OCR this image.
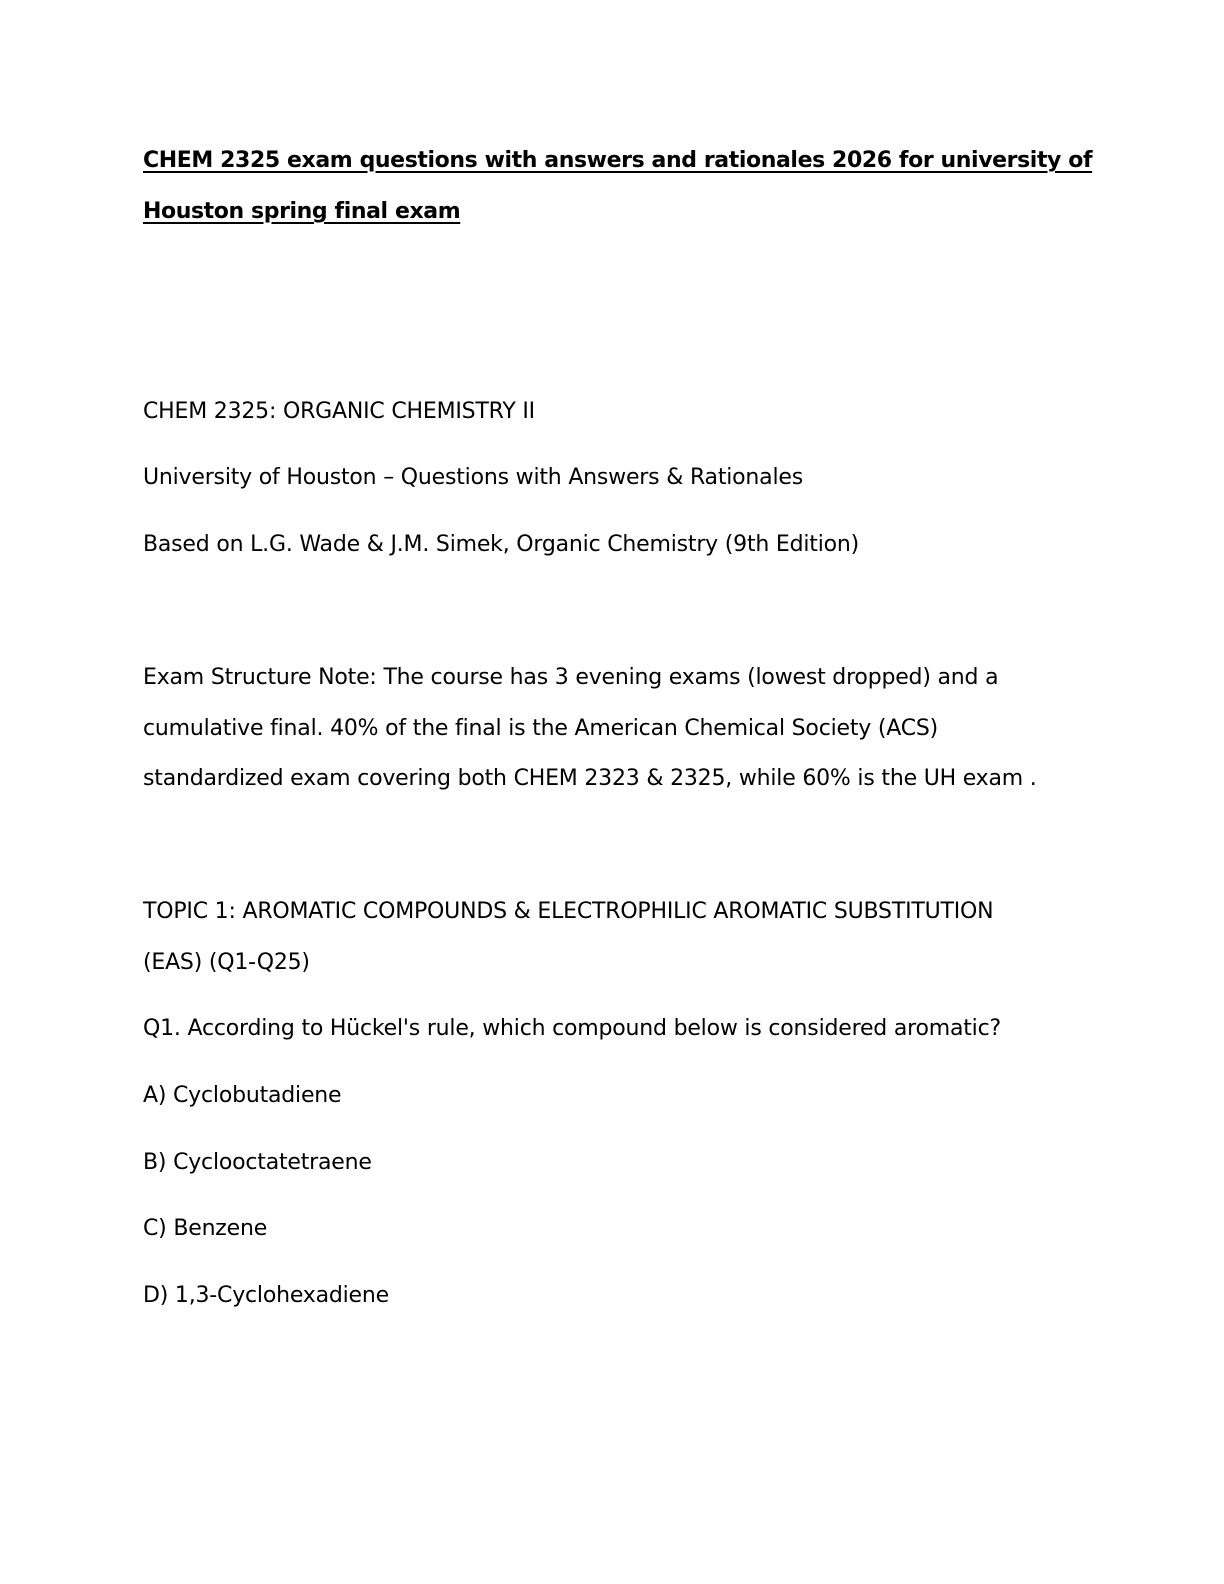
CHEM 2325 exam questions with answers and rationales 2026 for university of
Houston spring final exam
CHEM 2325: ORGANIC CHEMISTRY II
University of Houston – Questions with Answers & Rationales
Based on L.G. Wade & J.M. Simek, Organic Chemistry (9th Edition)
Exam Structure Note: The course has 3 evening exams (lowest dropped) and a
cumulative final. 40% of the final is the American Chemical Society (ACS)
standardized exam covering both CHEM 2323 & 2325, while 60% is the UH exam .
TOPIC 1: AROMATIC COMPOUNDS & ELECTROPHILIC AROMATIC SUBSTITUTION
(EAS) (Q1-Q25)
Q1. According to Hückel's rule, which compound below is considered aromatic?
A) Cyclobutadiene
B) Cyclooctatetraene
C) Benzene
D) 1,3-Cyclohexadiene
